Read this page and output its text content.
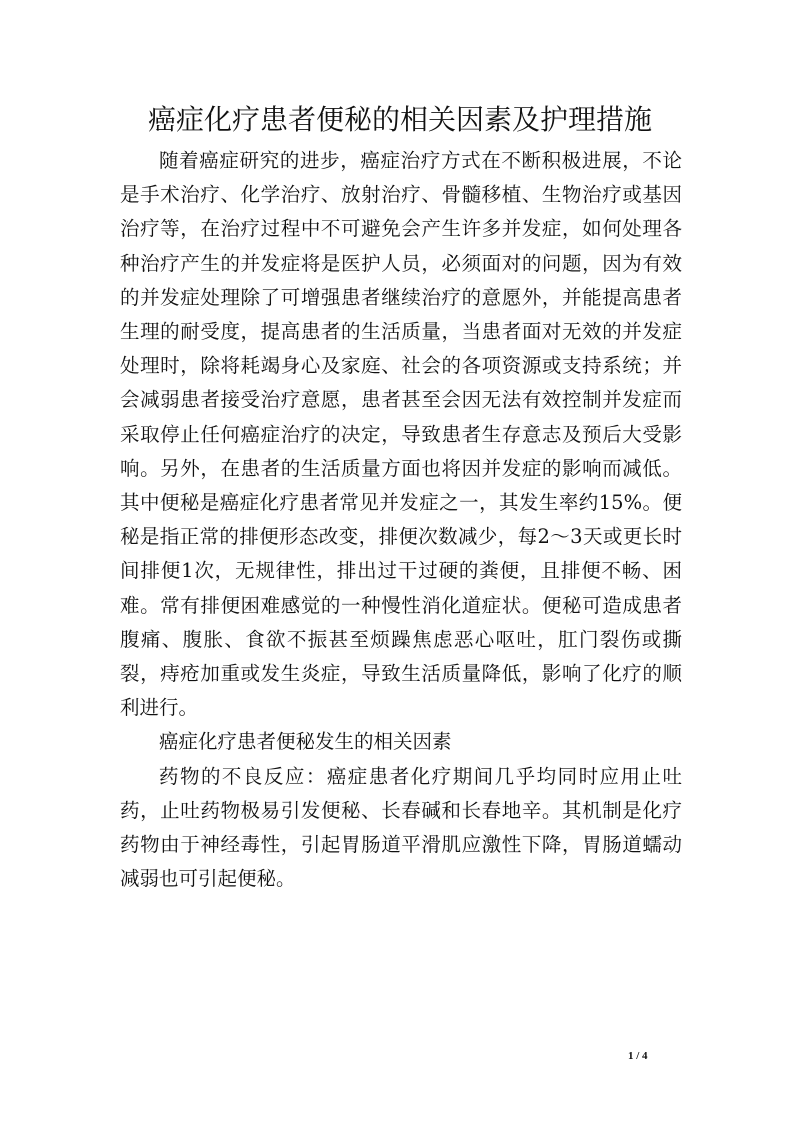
癌症化疗患者便秘的相关因素及护理措施

随着癌症研究的进步，癌症治疗方式在不断积极进展，不论是手术治疗、化学治疗、放射治疗、骨髓移植、生物治疗或基因治疗等，在治疗过程中不可避免会产生许多并发症，如何处理各种治疗产生的并发症将是医护人员，必须面对的问题，因为有效的并发症处理除了可增强患者继续治疗的意愿外，并能提高患者生理的耐受度，提高患者的生活质量，当患者面对无效的并发症处理时，除将耗竭身心及家庭、社会的各项资源或支持系统；并会减弱患者接受治疗意愿，患者甚至会因无法有效控制并发症而采取停止任何癌症治疗的决定，导致患者生存意志及预后大受影响。另外，在患者的生活质量方面也将因并发症的影响而减低。其中便秘是癌症化疗患者常见并发症之一，其发生率约15%。便秘是指正常的排便形态改变，排便次数减少，每2～3天或更长时间排便1次，无规律性，排出过干过硬的粪便，且排便不畅、困难。常有排便困难感觉的一种慢性消化道症状。便秘可造成患者腹痛、腹胀、食欲不振甚至烦躁焦虑恶心呕吐，肛门裂伤或撕裂，痔疮加重或发生炎症，导致生活质量降低，影响了化疗的顺利进行。

癌症化疗患者便秘发生的相关因素

药物的不良反应：癌症患者化疗期间几乎均同时应用止吐药，止吐药物极易引发便秘、长春碱和长春地辛。其机制是化疗药物由于神经毒性，引起胃肠道平滑肌应激性下降，胃肠道蠕动减弱也可引起便秘。

1 / 4
